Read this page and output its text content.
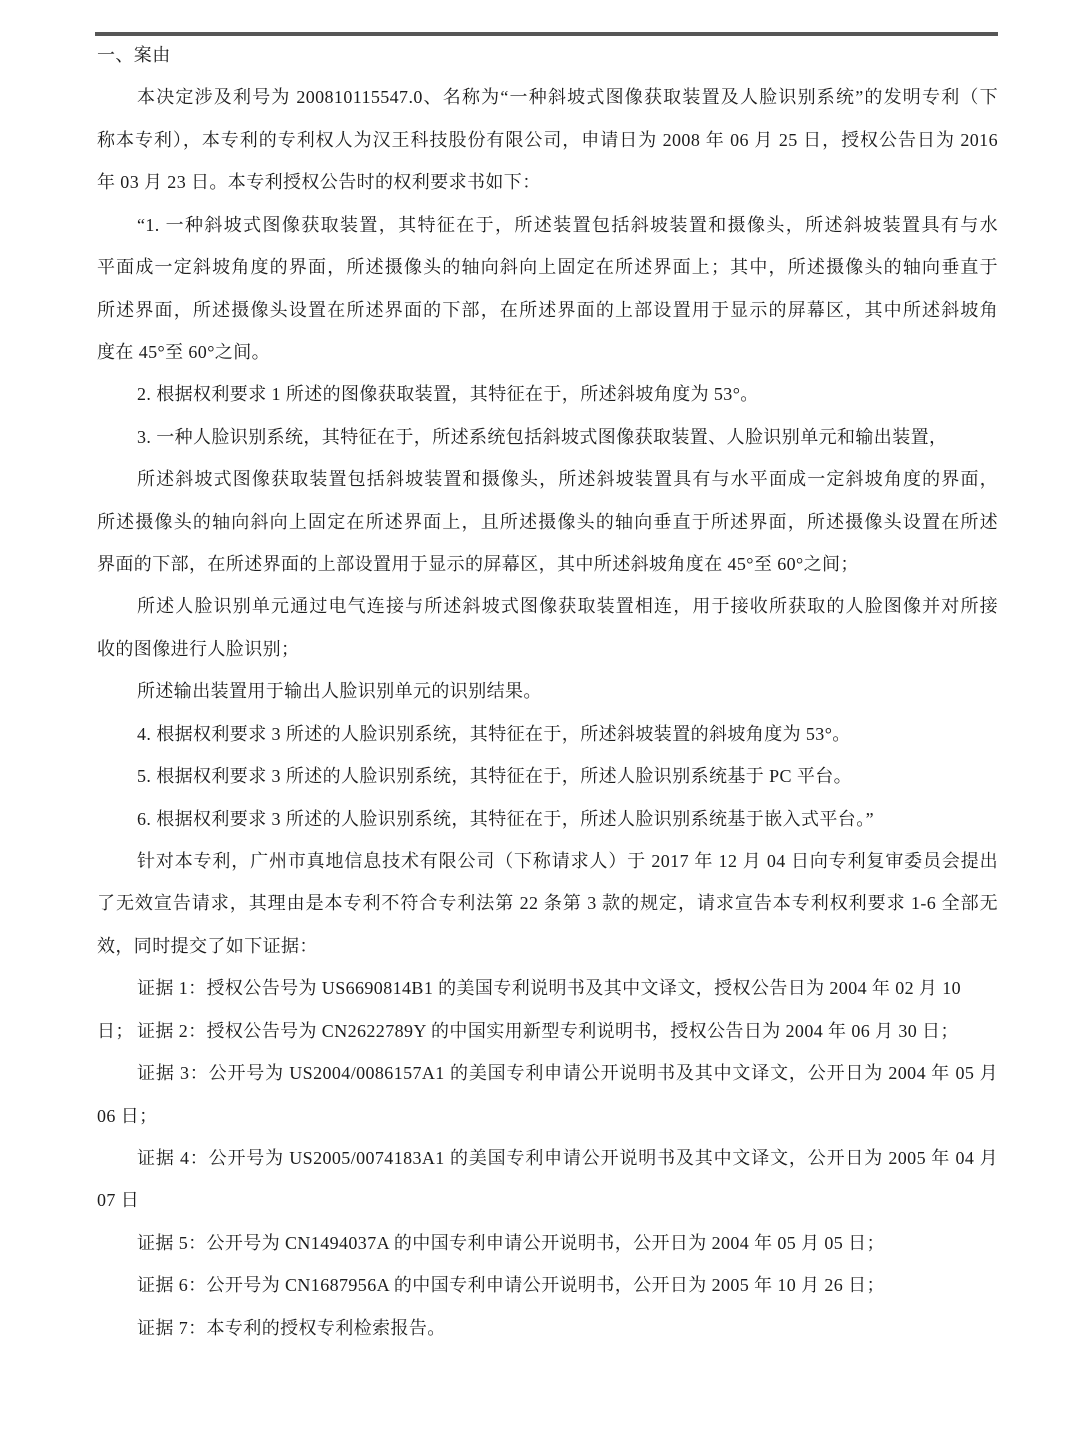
一、案由
本决定涉及利号为 200810115547.0、名称为“一种斜坡式图像获取装置及人脸识别系统”的发明专利（下
称本专利），本专利的专利权人为汉王科技股份有限公司，申请日为 2008 年 06 月 25 日，授权公告日为 2016
年 03 月 23 日。本专利授权公告时的权利要求书如下：
“1. 一种斜坡式图像获取装置，其特征在于，所述装置包括斜坡装置和摄像头，所述斜坡装置具有与水
平面成一定斜坡角度的界面，所述摄像头的轴向斜向上固定在所述界面上；其中，所述摄像头的轴向垂直于
所述界面，所述摄像头设置在所述界面的下部，在所述界面的上部设置用于显示的屏幕区，其中所述斜坡角
度在 45°至 60°之间。
2. 根据权利要求 1 所述的图像获取装置，其特征在于，所述斜坡角度为 53°。
3. 一种人脸识别系统，其特征在于，所述系统包括斜坡式图像获取装置、人脸识别单元和输出装置，
所述斜坡式图像获取装置包括斜坡装置和摄像头，所述斜坡装置具有与水平面成一定斜坡角度的界面，
所述摄像头的轴向斜向上固定在所述界面上，且所述摄像头的轴向垂直于所述界面，所述摄像头设置在所述
界面的下部，在所述界面的上部设置用于显示的屏幕区，其中所述斜坡角度在 45°至 60°之间；
所述人脸识别单元通过电气连接与所述斜坡式图像获取装置相连，用于接收所获取的人脸图像并对所接
收的图像进行人脸识别；
所述输出装置用于输出人脸识别单元的识别结果。
4. 根据权利要求 3 所述的人脸识别系统，其特征在于，所述斜坡装置的斜坡角度为 53°。
5. 根据权利要求 3 所述的人脸识别系统，其特征在于，所述人脸识别系统基于 PC 平台。
6. 根据权利要求 3 所述的人脸识别系统，其特征在于，所述人脸识别系统基于嵌入式平台。”
针对本专利，广州市真地信息技术有限公司（下称请求人）于 2017 年 12 月 04 日向专利复审委员会提出
了无效宣告请求，其理由是本专利不符合专利法第 22 条第 3 款的规定，请求宣告本专利权利要求 1-6 全部无
效，同时提交了如下证据：
证据 1：授权公告号为 US6690814B1 的美国专利说明书及其中文译文，授权公告日为 2004 年 02 月 10 日； 证据 2：授权公告号为 CN2622789Y 的中国实用新型专利说明书，授权公告日为 2004 年 06 月 30 日；
证据 3：公开号为 US2004/0086157A1 的美国专利申请公开说明书及其中文译文，公开日为 2004 年 05 月
06 日；
证据 4：公开号为 US2005/0074183A1 的美国专利申请公开说明书及其中文译文，公开日为 2005 年 04 月
07 日
证据 5：公开号为 CN1494037A 的中国专利申请公开说明书，公开日为 2004 年 05 月 05 日；
证据 6：公开号为 CN1687956A 的中国专利申请公开说明书，公开日为 2005 年 10 月 26 日；
证据 7：本专利的授权专利检索报告。
